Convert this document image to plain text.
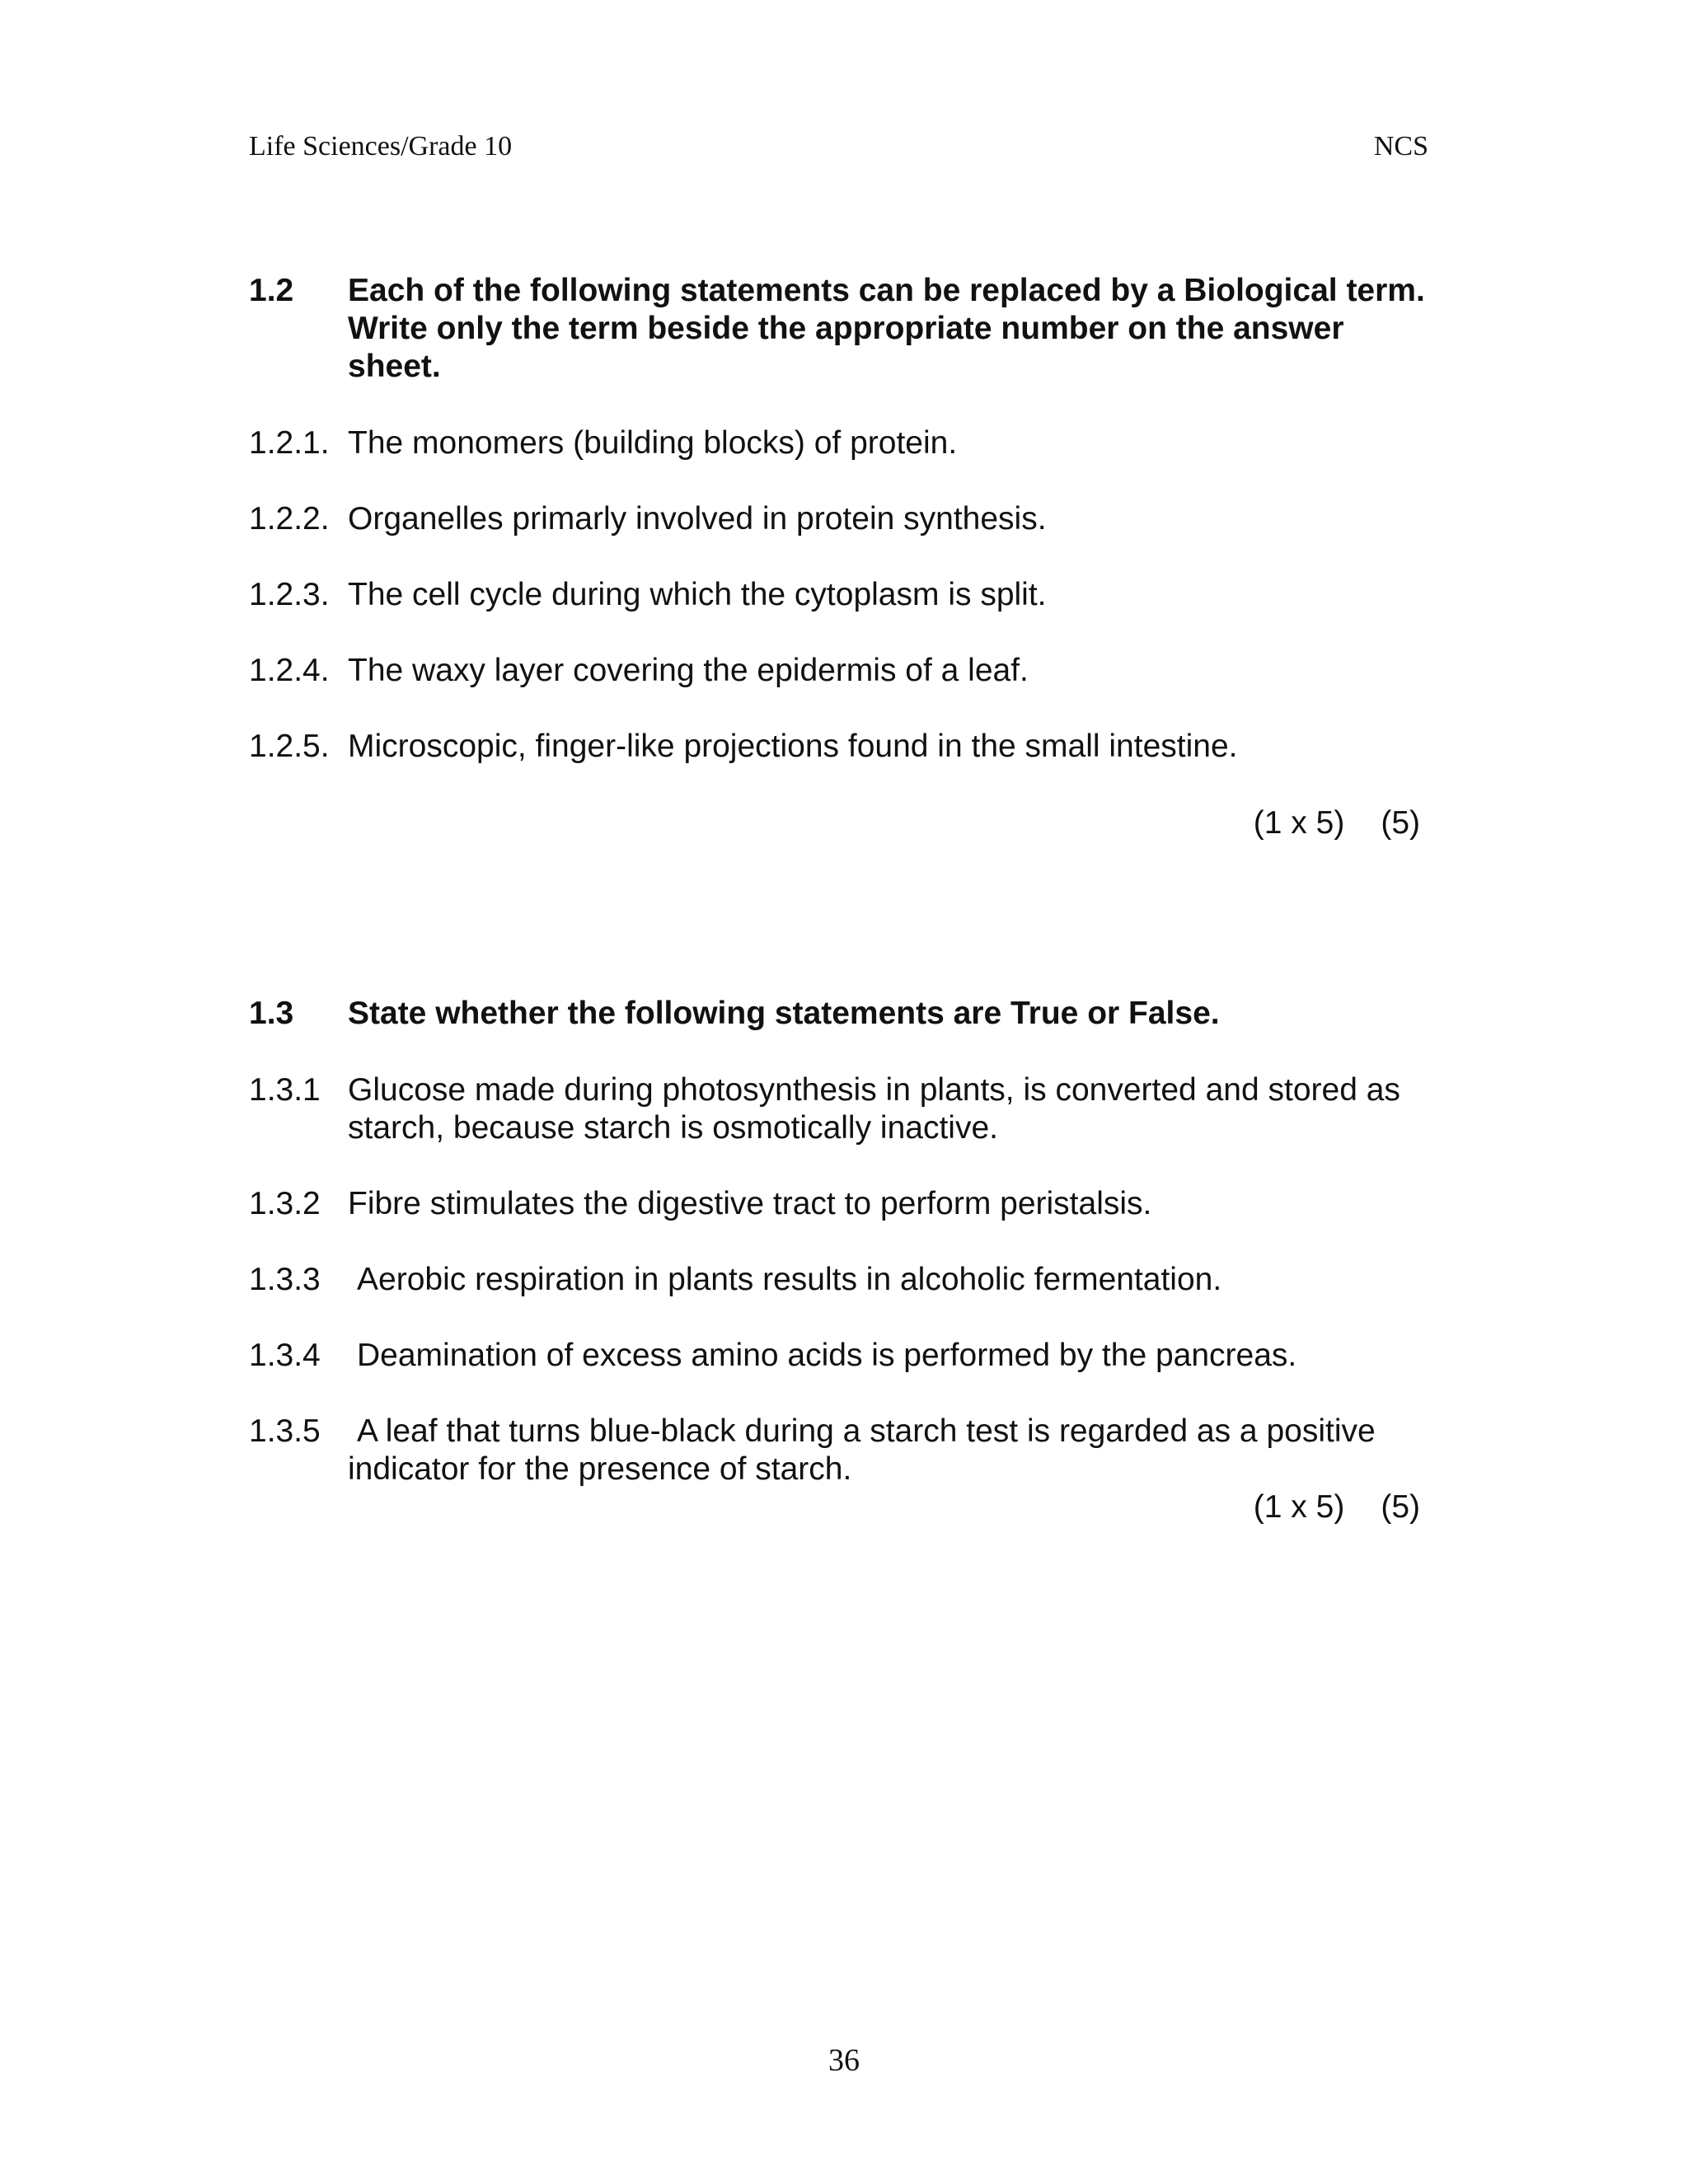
Life Sciences/Grade 10	NCS
1.2 Each of the following statements can be replaced by a Biological term. Write only the term beside the appropriate number on the answer sheet.
1.2.1. The monomers (building blocks) of protein.
1.2.2. Organelles primarly involved in protein synthesis.
1.2.3. The cell cycle during which the cytoplasm is split.
1.2.4. The waxy layer covering the epidermis of a leaf.
1.2.5. Microscopic, finger-like projections found in the small intestine.
(1 x 5) (5)
1.3 State whether the following statements are True or False.
1.3.1 Glucose made during photosynthesis in plants, is converted and stored as starch, because starch is osmotically inactive.
1.3.2 Fibre stimulates the digestive tract to perform peristalsis.
1.3.3 Aerobic respiration in plants results in alcoholic fermentation.
1.3.4 Deamination of excess amino acids is performed by the pancreas.
1.3.5 A leaf that turns blue-black during a starch test is regarded as a positive indicator for the presence of starch.
(1 x 5) (5)
36
